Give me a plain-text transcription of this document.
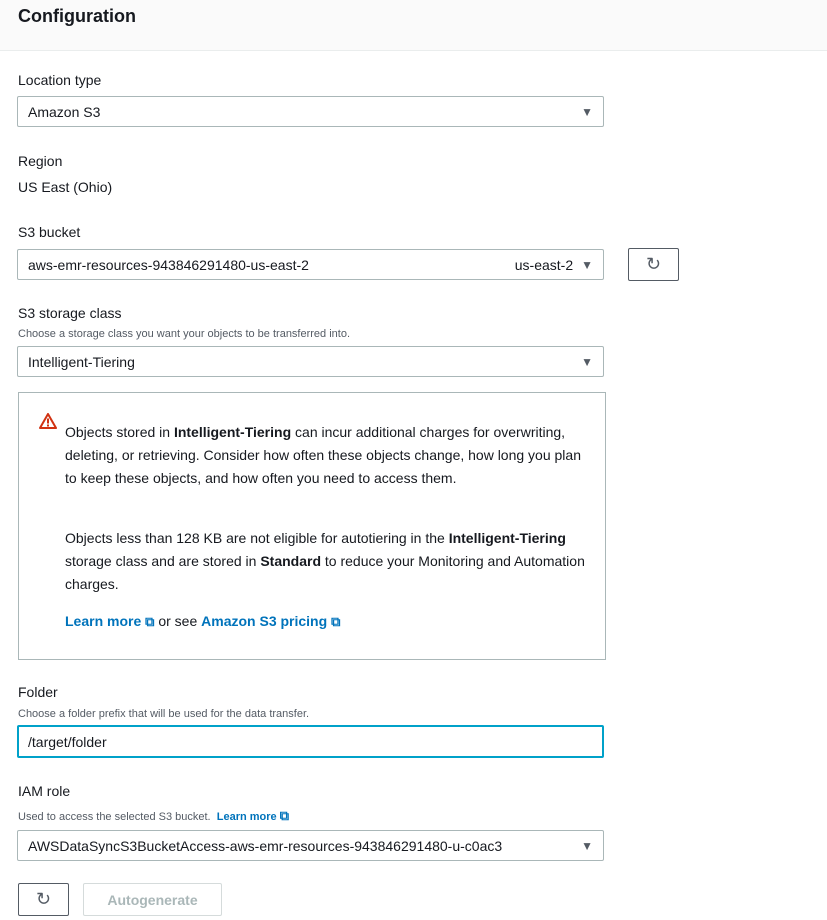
Configuration
Location type
Amazon S3	▼
Region
US East (Ohio)
S3 bucket
aws-emr-resources-943846291480-us-east-2	us-east-2 ▼	↻
S3 storage class
Choose a storage class you want your objects to be transferred into.
Intelligent-Tiering	▼

Objects stored in Intelligent-Tiering can incur additional charges for overwriting, deleting, or retrieving. Consider how often these objects change, how long you plan to keep these objects, and how often you need to access them.

Objects less than 128 KB are not eligible for autotiering in the Intelligent-Tiering storage class and are stored in Standard to reduce your Monitoring and Automation charges.

Learn more ⧉ or see Amazon S3 pricing ⧉

Folder
Choose a folder prefix that will be used for the data transfer.
/target/folder
IAM role
Used to access the selected S3 bucket. Learn more ⧉
AWSDataSyncS3BucketAccess-aws-emr-resources-943846291480-u-c0ac3	▼
↻	Autogenerate
